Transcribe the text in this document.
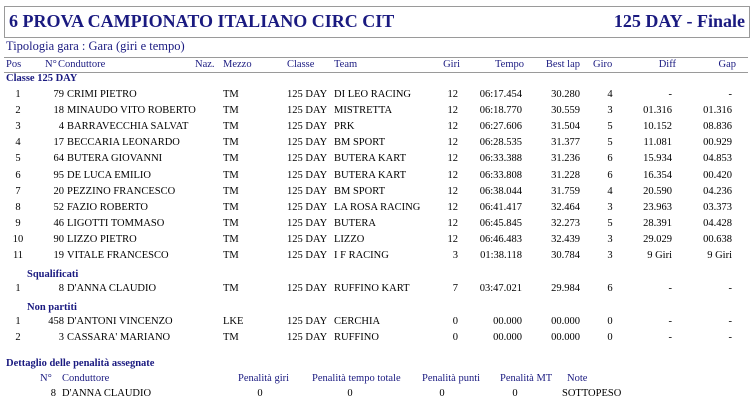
6 PROVA CAMPIONATO ITALIANO CIRC CIT	125 DAY - Finale
Tipologia gara : Gara (giri e tempo)
Pos N° Conduttore	Naz. Mezzo	Classe Team	Giri	Tempo	Best lap Giro	Diff	Gap
Classe 125 DAY
1	79 CRIMI PIETRO	TM	125 DAY DI LEO RACING	12	06:17.454	30.280	4	-	-
2	18 MINAUDO VITO ROBERTO	TM	125 DAY MISTRETTA	12	06:18.770	30.559	3	01.316	01.316
3	4 BARRAVECCHIA SALVAT	TM	125 DAY PRK	12	06:27.606	31.504	5	10.152	08.836
4	17 BECCARIA LEONARDO	TM	125 DAY BM SPORT	12	06:28.535	31.377	5	11.081	00.929
5	64 BUTERA GIOVANNI	TM	125 DAY BUTERA KART	12	06:33.388	31.236	6	15.934	04.853
6	95 DE LUCA EMILIO	TM	125 DAY BUTERA KART	12	06:33.808	31.228	6	16.354	00.420
7	20 PEZZINO FRANCESCO	TM	125 DAY BM SPORT	12	06:38.044	31.759	4	20.590	04.236
8	52 FAZIO ROBERTO	TM	125 DAY LA ROSA RACING	12	06:41.417	32.464	3	23.963	03.373
9	46 LIGOTTI TOMMASO	TM	125 DAY BUTERA	12	06:45.845	32.273	5	28.391	04.428
10	90 LIZZO PIETRO	TM	125 DAY LIZZO	12	06:46.483	32.439	3	29.029	00.638
11	19 VITALE FRANCESCO	TM	125 DAY I F RACING	3	01:38.118	30.784	3	9 Giri	9 Giri
Squalificati
1	8 D'ANNA CLAUDIO	TM	125 DAY RUFFINO KART	7	03:47.021	29.984	6	-	-
Non partiti
1	458 D'ANTONI VINCENZO	LKE	125 DAY CERCHIA	0	00.000	00.000	0	-	-
2	3 CASSARA' MARIANO	TM	125 DAY RUFFINO	0	00.000	00.000	0	-	-
Dettaglio delle penalità assegnate
N° Conduttore	Penalità giri Penalità tempo totale Penalità punti Penalità MT Note
8 D'ANNA CLAUDIO	0	0	0	0	SOTTOPESO
